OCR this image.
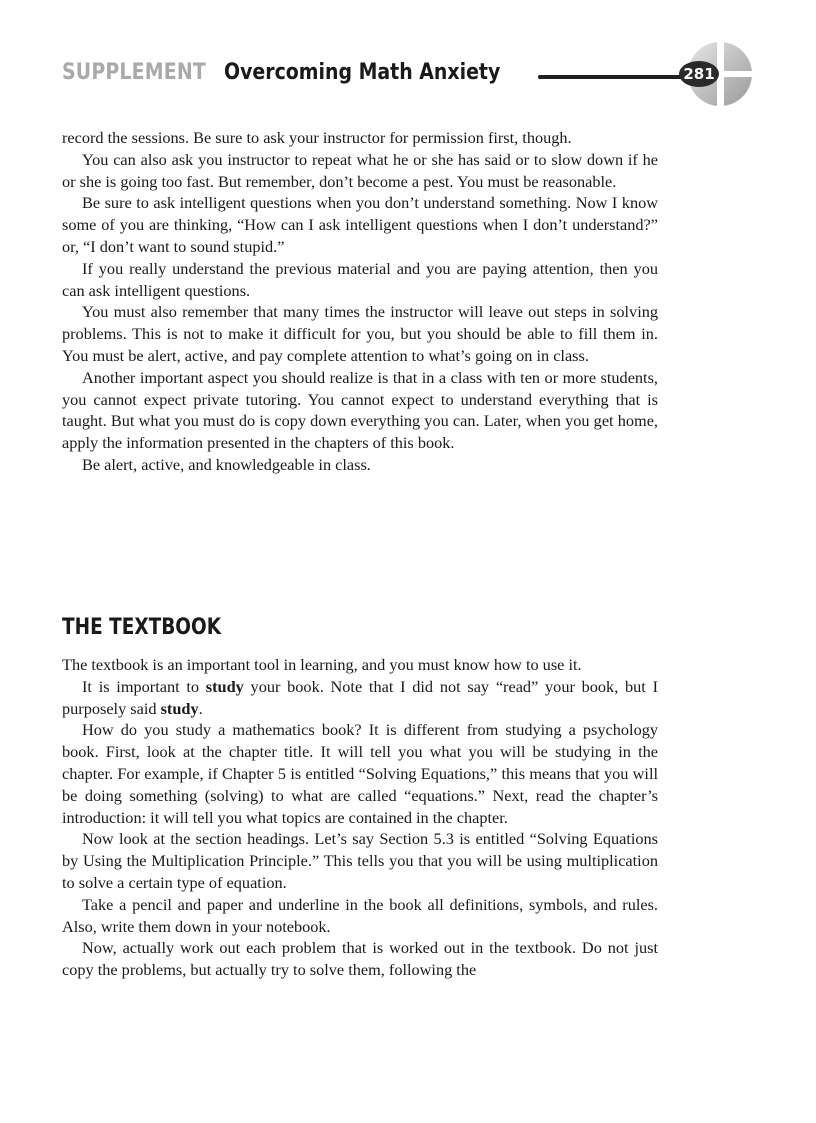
SUPPLEMENT Overcoming Math Anxiety	281

record the sessions. Be sure to ask your instructor for permission first, though.

You can also ask you instructor to repeat what he or she has said or to slow down if he or she is going too fast. But remember, don’t become a pest. You must be reasonable.

Be sure to ask intelligent questions when you don’t understand something. Now I know some of you are thinking, “How can I ask intelligent questions when I don’t understand?” or, “I don’t want to sound stupid.”

If you really understand the previous material and you are paying attention, then you can ask intelligent questions.

You must also remember that many times the instructor will leave out steps in solving problems. This is not to make it difficult for you, but you should be able to fill them in. You must be alert, active, and pay complete attention to what’s going on in class.

Another important aspect you should realize is that in a class with ten or more students, you cannot expect private tutoring. You cannot expect to understand everything that is taught. But what you must do is copy down everything you can. Later, when you get home, apply the information presented in the chapters of this book.

Be alert, active, and knowledgeable in class.

THE TEXTBOOK

The textbook is an important tool in learning, and you must know how to use it.

It is important to study your book. Note that I did not say “read” your book, but I purposely said study.

How do you study a mathematics book? It is different from studying a psychology book. First, look at the chapter title. It will tell you what you will be studying in the chapter. For example, if Chapter 5 is entitled “Solving Equations,” this means that you will be doing something (solving) to what are called “equations.” Next, read the chapter’s introduction: it will tell you what topics are contained in the chapter.

Now look at the section headings. Let’s say Section 5.3 is entitled “Solving Equations by Using the Multiplication Principle.” This tells you that you will be using multiplication to solve a certain type of equation.

Take a pencil and paper and underline in the book all definitions, symbols, and rules. Also, write them down in your notebook.

Now, actually work out each problem that is worked out in the textbook. Do not just copy the problems, but actually try to solve them, following the
